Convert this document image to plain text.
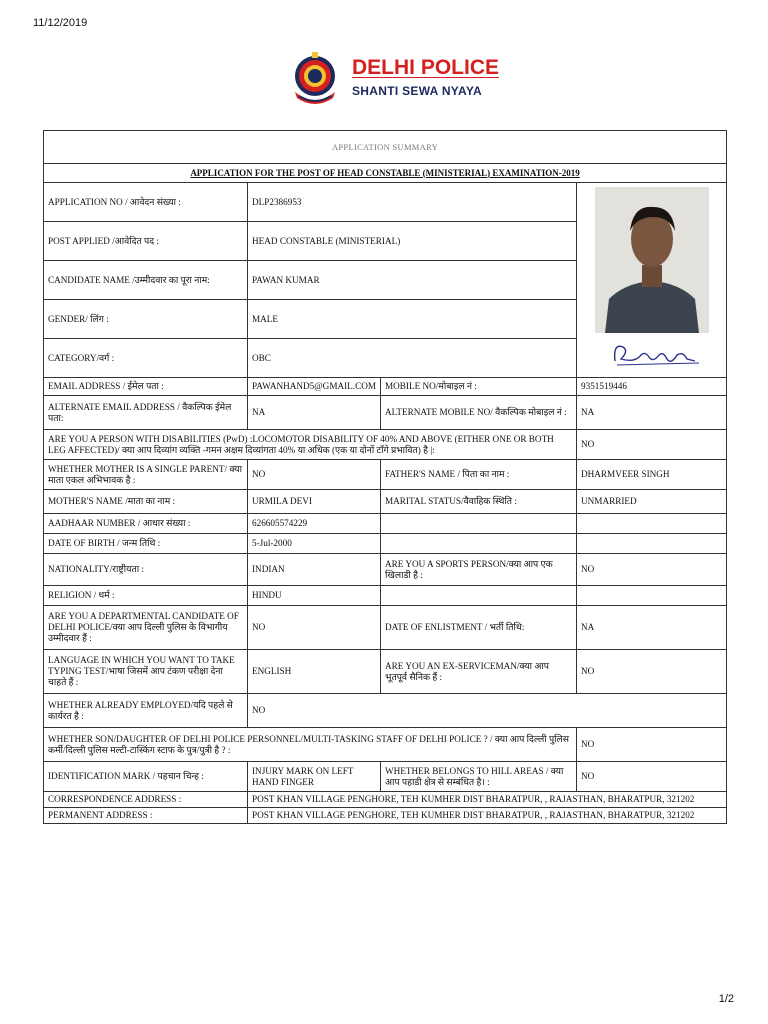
11/12/2019
DELHI POLICE
SHANTI SEWA NYAYA
APPLICATION SUMMARY			
APPLICATION FOR THE POST OF HEAD CONSTABLE (MINISTERIAL) EXAMINATION-2019			
APPLICATION NO / आवेदन संख्या :	DLP2386953	

POST APPLIED /आवेदित पद :	HEAD CONSTABLE (MINISTERIAL)		
CANDIDATE NAME /उम्मीदवार का पूरा नाम:	PAWAN KUMAR		
GENDER/ लिंग :	MALE		
CATEGORY/वर्ग :	OBC		
EMAIL ADDRESS / ईमेल पता :	PAWANHAND5@GMAIL.COM	MOBILE NO/मोबाइल नं :	9351519446
ALTERNATE EMAIL ADDRESS / वैकल्पिक ईमेल पता:	NA	ALTERNATE MOBILE NO/ वैकल्पिक मोबाइल नं :	NA
ARE YOU A PERSON WITH DISABILITIES (PwD) :LOCOMOTOR DISABILITY OF 40% AND ABOVE (EITHER ONE OR BOTH LEG AFFECTED)/ क्या आप दिव्यांग व्यक्ति -गमन अक्षम दिव्यांगता 40% या अधिक (एक या दोनों टाँगे प्रभावित) है |:			NO
WHETHER MOTHER IS A SINGLE PARENT/ क्या माता एकल अभिभावक है :	NO	FATHER'S NAME / पिता का नाम :	DHARMVEER SINGH
MOTHER'S NAME /माता का नाम :	URMILA DEVI	MARITAL STATUS/वैवाहिक स्थिति :	UNMARRIED
AADHAAR NUMBER / आधार संख्या :	626605574229		
DATE OF BIRTH / जन्म तिथि :	5-Jul-2000		
NATIONALITY/राष्ट्रीयता :	INDIAN	ARE YOU A SPORTS PERSON/क्या आप एक खिलाडी है :	NO
RELIGION / धर्म :	HINDU		
ARE YOU A DEPARTMENTAL CANDIDATE OF DELHI POLICE/क्या आप दिल्ली पुलिस के विभागीय उम्मीदवार हैं :	NO	DATE OF ENLISTMENT / भर्ती तिथि:	NA
LANGUAGE IN WHICH YOU WANT TO TAKE TYPING TEST/भाषा जिसमें आप टंकण परीक्षा देना चाहते हैं :	ENGLISH	ARE YOU AN EX-SERVICEMAN/क्या आप भूतपूर्व सैनिक हैं :	NO
WHETHER ALREADY EMPLOYED/यदि पहले से कार्यरत है :	NO		
WHETHER SON/DAUGHTER OF DELHI POLICE PERSONNEL/MULTI-TASKING STAFF OF DELHI POLICE ? / क्या आप दिल्ली पुलिस कर्मी/दिल्ली पुलिस मल्टी-टास्किंग स्टाफ के पुत्र/पुत्री है ? :			NO
IDENTIFICATION MARK / पहचान चिन्ह :	INJURY MARK ON LEFT HAND FINGER	WHETHER BELONGS TO HILL AREAS / क्या आप पहाडी क्षेत्र से सम्बंधित है। :	NO
CORRESPONDENCE ADDRESS :	POST KHAN VILLAGE PENGHORE, TEH KUMHER DIST BHARATPUR, , RAJASTHAN, BHARATPUR, 321202		
PERMANENT ADDRESS :	POST KHAN VILLAGE PENGHORE, TEH KUMHER DIST BHARATPUR, , RAJASTHAN, BHARATPUR, 321202		
1/2
